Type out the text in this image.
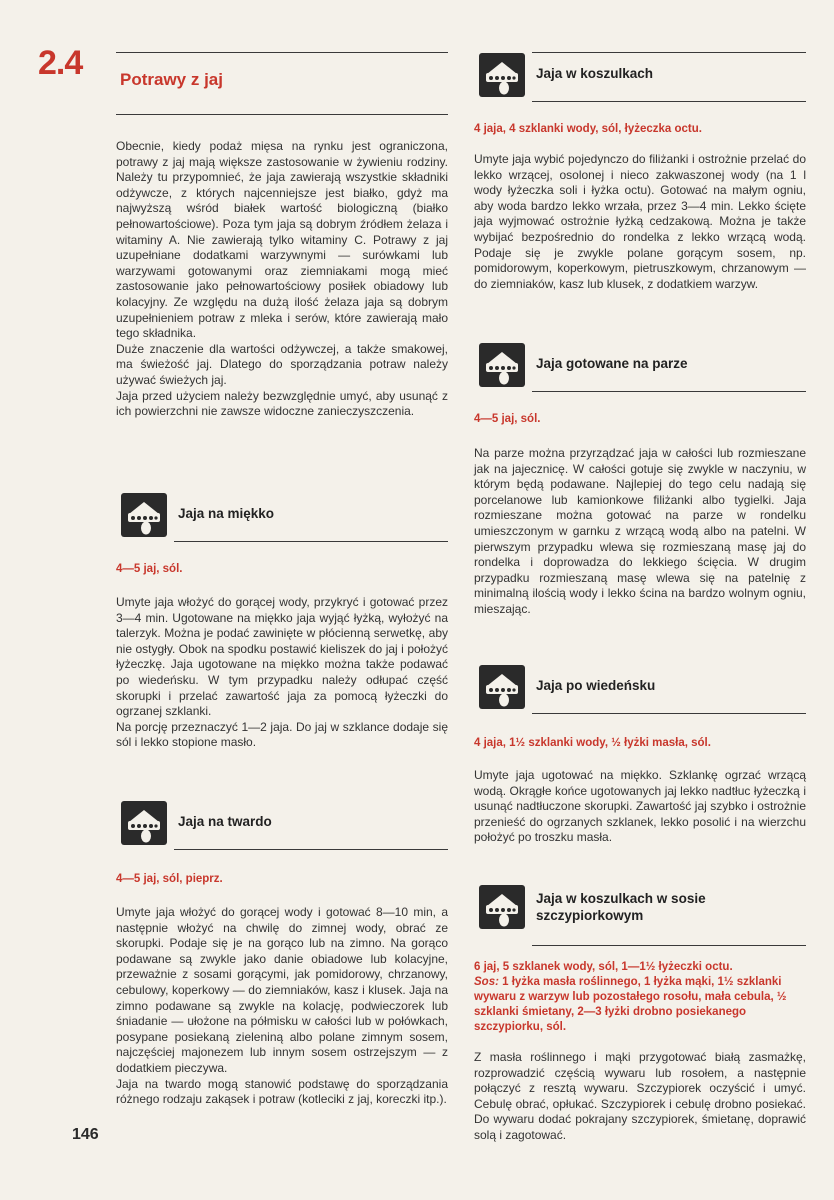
2.4
146
Potrawy z jaj

Obecnie, kiedy podaż mięsa na rynku jest ograniczona, potrawy z jaj mają większe zastosowanie w żywieniu rodziny. Należy tu przypomnieć, że jaja zawierają wszystkie składniki odżywcze, z których najcenniejsze jest białko, gdyż ma najwyższą wśród białek wartość biologiczną (białko pełnowartościowe). Poza tym jaja są dobrym źródłem żelaza i witaminy A. Nie zawierają tylko witaminy C. Potrawy z jaj uzupełniane dodatkami warzywnymi — surówkami lub warzywami gotowanymi oraz ziemniakami mogą mieć zastosowanie jako pełnowartościowy posiłek obiadowy lub kolacyjny. Ze względu na dużą ilość żelaza jaja są dobrym uzupełnieniem potraw z mleka i serów, które zawierają mało tego składnika.

Duże znaczenie dla wartości odżywczej, a także smakowej, ma świeżość jaj. Dlatego do sporządzania potraw należy używać świeżych jaj.

Jaja przed użyciem należy bezwzględnie umyć, aby usunąć z ich powierzchni nie zawsze widoczne zanieczyszczenia.

Jaja na miękko
4—5 jaj, sól.

Umyte jaja włożyć do gorącej wody, przykryć i gotować przez 3—4 min. Ugotowane na miękko jaja wyjąć łyżką, wyłożyć na talerzyk. Można je podać zawinięte w płócienną serwetkę, aby nie ostygły. Obok na spodku postawić kieliszek do jaj i położyć łyżeczkę. Jaja ugotowane na miękko można także podawać po wiedeńsku. W tym przypadku należy odłupać część skorupki i przelać zawartość jaja za pomocą łyżeczki do ogrzanej szklanki.

Na porcję przeznaczyć 1—2 jaja. Do jaj w szklance dodaje się sól i lekko stopione masło.

Jaja na twardo
4—5 jaj, sól, pieprz.

Umyte jaja włożyć do gorącej wody i gotować 8—10 min, a następnie włożyć na chwilę do zimnej wody, obrać ze skorupki. Podaje się je na gorąco lub na zimno. Na gorąco podawane są zwykle jako danie obiadowe lub kolacyjne, przeważnie z sosami gorącymi, jak pomidorowy, chrzanowy, cebulowy, koperkowy — do ziemniaków, kasz i klusek. Jaja na zimno podawane są zwykle na kolację, podwieczorek lub śniadanie — ułożone na półmisku w całości lub w połówkach, posypane posiekaną zieleniną albo polane zimnym sosem, najczęściej majonezem lub innym sosem ostrzejszym — z dodatkiem pieczywa.

Jaja na twardo mogą stanowić podstawę do sporządzania różnego rodzaju zakąsek i potraw (kotleciki z jaj, koreczki itp.).

Jaja w koszulkach
4 jaja, 4 szklanki wody, sól, łyżeczka octu.

Umyte jaja wybić pojedynczo do filiżanki i ostrożnie przelać do lekko wrzącej, osolonej i nieco zakwaszonej wody (na 1 l wody łyżeczka soli i łyżka octu). Gotować na małym ogniu, aby woda bardzo lekko wrzała, przez 3—4 min. Lekko ścięte jaja wyjmować ostrożnie łyżką cedzakową. Można je także wybijać bezpośrednio do rondelka z lekko wrzącą wodą. Podaje się je zwykle polane gorącym sosem, np. pomidorowym, koperkowym, pietruszkowym, chrzanowym — do ziemniaków, kasz lub klusek, z dodatkiem warzyw.

Jaja gotowane na parze
4—5 jaj, sól.

Na parze można przyrządzać jaja w całości lub rozmieszane jak na jajecznicę. W całości gotuje się zwykle w naczyniu, w którym będą podawane. Najlepiej do tego celu nadają się porcelanowe lub kamionkowe filiżanki albo tygielki. Jaja rozmieszane można gotować na parze w rondelku umieszczonym w garnku z wrzącą wodą albo na patelni. W pierwszym przypadku wlewa się rozmieszaną masę jaj do rondelka i doprowadza do lekkiego ścięcia. W drugim przypadku rozmieszaną masę wlewa się na patelnię z minimalną ilością wody i lekko ścina na bardzo wolnym ogniu, mieszając.

Jaja po wiedeńsku
4 jaja, 1½ szklanki wody, ½ łyżki masła, sól.

Umyte jaja ugotować na miękko. Szklankę ogrzać wrzącą wodą. Okrągłe końce ugotowanych jaj lekko nadtłuc łyżeczką i usunąć nadtłuczone skorupki. Zawartość jaj szybko i ostrożnie przenieść do ogrzanych szklanek, lekko posolić i na wierzchu położyć po troszku masła.

Jaja w koszulkach w sosie szczypiorkowym
6 jaj, 5 szklanek wody, sól, 1—1½ łyżeczki octu.
Sos: 1 łyżka masła roślinnego, 1 łyżka mąki, 1½ szklanki wywaru z warzyw lub pozostałego rosołu, mała cebula, ½ szklanki śmietany, 2—3 łyżki drobno posiekanego szczypiorku, sól.

Z masła roślinnego i mąki przygotować białą zasmażkę, rozprowadzić częścią wywaru lub rosołem, a następnie połączyć z resztą wywaru. Szczypiorek oczyścić i umyć. Cebulę obrać, opłukać. Szczypiorek i cebulę drobno posiekać. Do wywaru dodać pokrajany szczypiorek, śmietanę, doprawić solą i zagotować.
